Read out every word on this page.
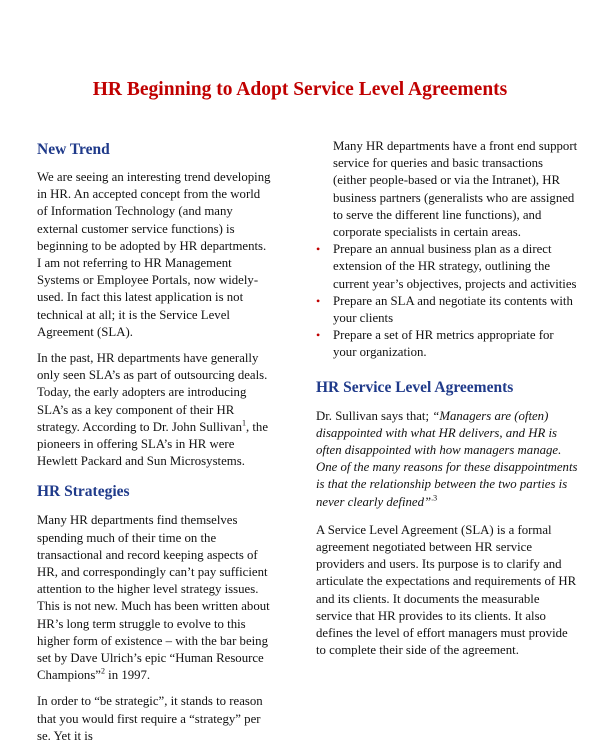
HR Beginning to Adopt Service Level Agreements
New Trend

We are seeing an interesting trend developing in HR. An accepted concept from the world of Information Technology (and many external customer service functions) is beginning to be adopted by HR departments. I am not referring to HR Management Systems or Employee Portals, now widely-used. In fact this latest application is not technical at all; it is the Service Level Agreement (SLA).

In the past, HR departments have generally only seen SLA’s as part of outsourcing deals. Today, the early adopters are introducing SLA’s as a key component of their HR strategy. According to Dr. John Sullivan$^1$, the pioneers in offering SLA’s in HR were Hewlett Packard and Sun Microsystems.

HR Strategies

Many HR departments find themselves spending much of their time on the transactional and record keeping aspects of HR, and correspondingly can’t pay sufficient attention to the higher level strategy issues. This is not new. Much has been written about HR’s long term struggle to evolve to this higher form of existence – with the bar being set by Dave Ulrich’s epic “Human Resource Champions”$^2$ in 1997.

In order to “be strategic”, it stands to reason that you would first require a “strategy” per se. Yet it is

Many HR departments have a front end support service for queries and basic transactions (either people-based or via the Intranet), HR business partners (generalists who are assigned to serve the different line functions), and corporate specialists in certain areas.

• Prepare an annual business plan as a direct extension of the HR strategy, outlining the current year’s objectives, projects and activities
• Prepare an SLA and negotiate its contents with your clients
• Prepare a set of HR metrics appropriate for your organization.
HR Service Level Agreements

Dr. Sullivan says that; “Managers are (often) disappointed with what HR delivers, and HR is often disappointed with how managers manage. One of the many reasons for these disappointments is that the relationship between the two parties is never clearly defined”$^{.3}$

A Service Level Agreement (SLA) is a formal agreement negotiated between HR service providers and users. Its purpose is to clarify and articulate the expectations and requirements of HR and its clients. It documents the measurable service that HR provides to its clients. It also defines the level of effort managers must provide to complete their side of the agreement.
